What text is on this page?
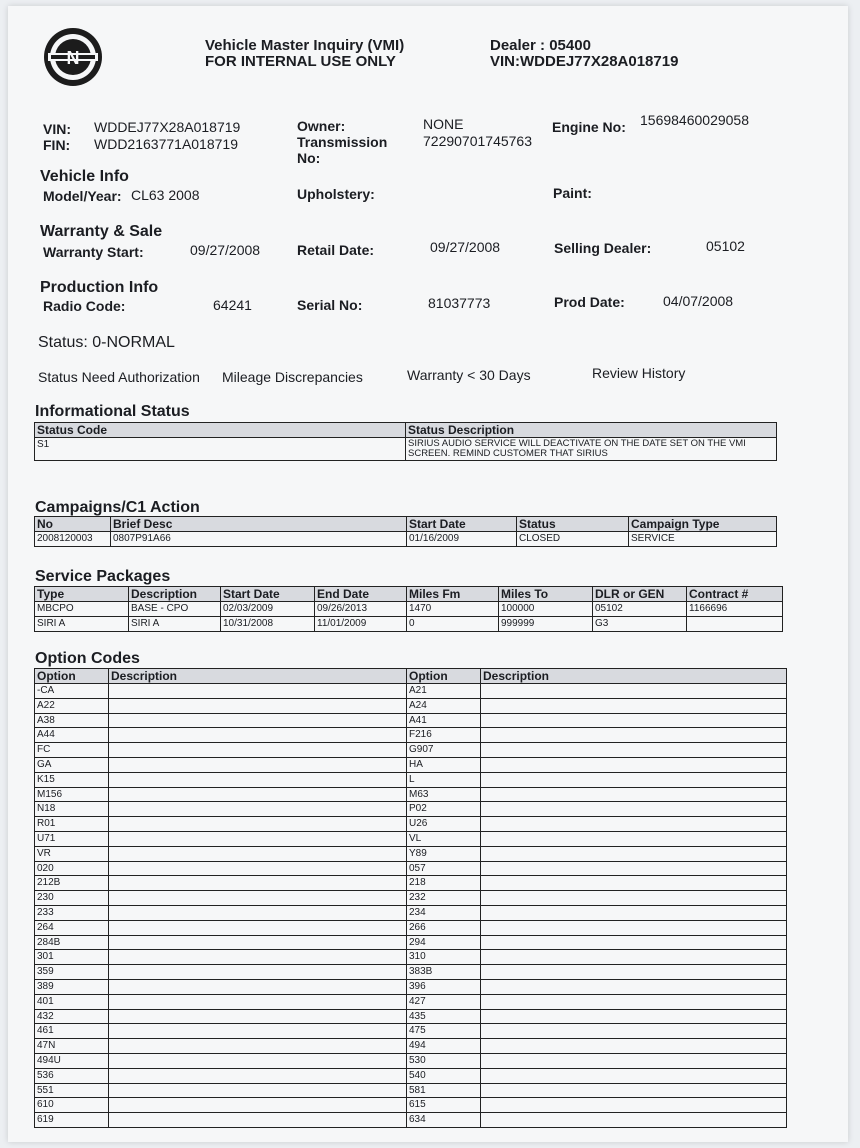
N
Vehicle Master Inquiry (VMI)
FOR INTERNAL USE ONLY
Dealer : 05400
VIN:WDDEJ77X28A018719
VIN: WDDEJ77X28A018719
FIN: WDD2163771A018719
Owner:	NONE
Transmission
No:
72290701745763
Engine No: 15698460029058
Vehicle Info
Model/Year: CL63 2008	Upholstery:	Paint:
Warranty & Sale
Warranty Start:	09/27/2008	Retail Date:	09/27/2008	Selling Dealer:	05102
Production Info
Radio Code:	64241	Serial No:	81037773	Prod Date:	04/07/2008
Status: 0-NORMAL
Status Need Authorization Mileage Discrepancies	Warranty < 30 Days	Review History
Informational Status
Status Code	Status Description
S1	SIRIUS AUDIO SERVICE WILL DEACTIVATE ON THE DATE SET ON THE VMI SCREEN. REMIND CUSTOMER THAT SIRIUS
Campaigns/C1 Action
No	Brief Desc	Start Date	Status	Campaign Type
2008120003	0807P91A66	01/16/2009	CLOSED	SERVICE
Service Packages
Type	Description	Start Date	End Date	Miles Fm	Miles To	DLR or GEN	Contract #
MBCPO	BASE - CPO	02/03/2009	09/26/2013	1470	100000	05102	1166696
SIRI A	SIRI A	10/31/2008	11/01/2009	0	999999	G3	
Option Codes
Option	Description	Option	Description
-CA		A21	
A22		A24	
A38		A41	
A44		F216	
FC		G907	
GA		HA	
K15		L	
M156		M63	
N18		P02	
R01		U26	
U71		VL	
VR		Y89	
020		057	
212B		218	
230		232	
233		234	
264		266	
284B		294	
301		310	
359		383B	
389		396	
401		427	
432		435	
461		475	
47N		494	
494U		530	
536		540	
551		581	
610		615	
619		634	
